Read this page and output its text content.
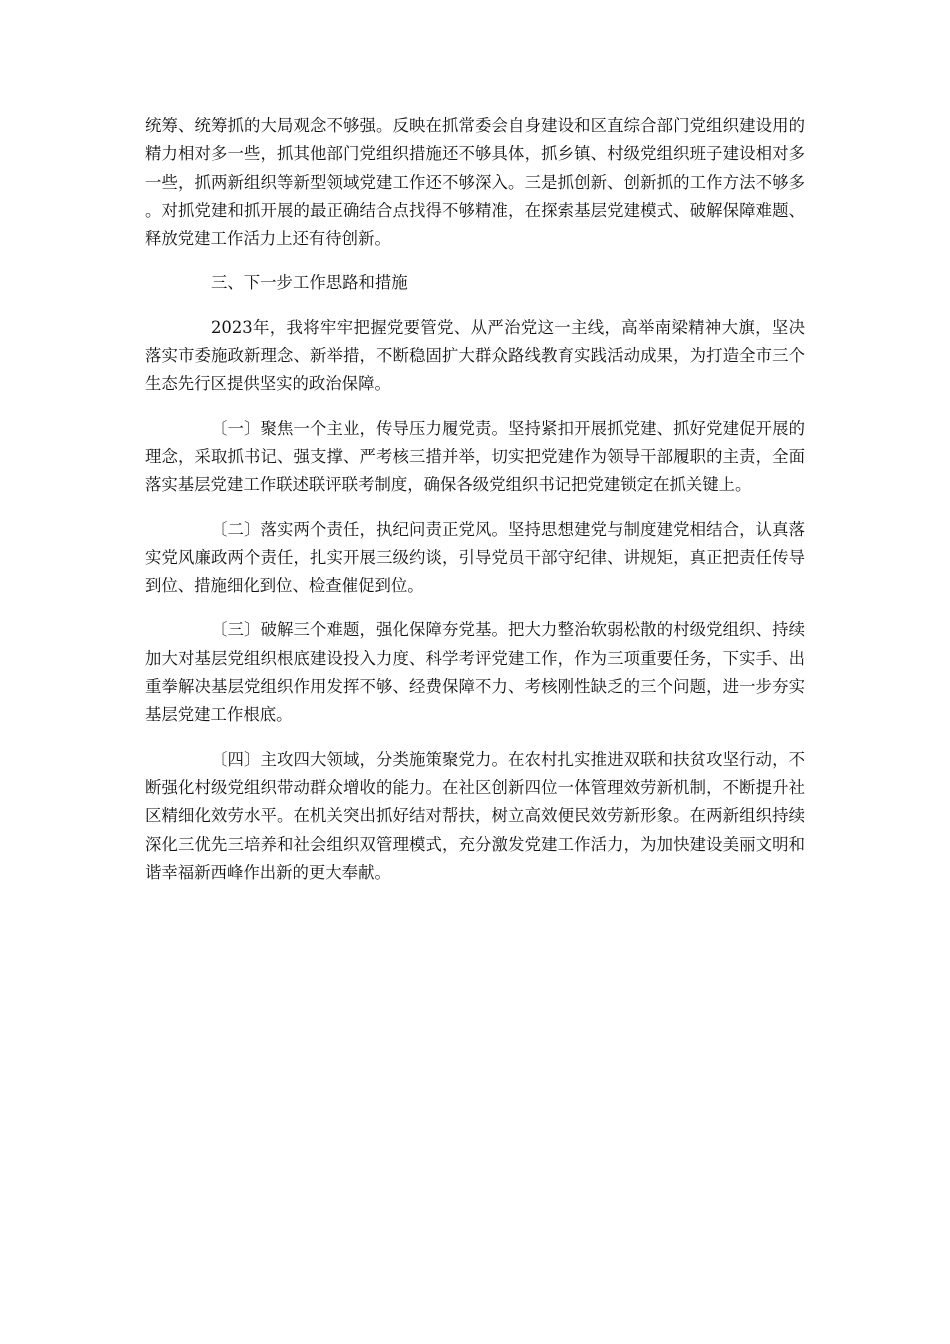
统筹、统筹抓的大局观念不够强。反映在抓常委会自身建设和区直综合部门党组织建设用的精力相对多一些，抓其他部门党组织措施还不够具体，抓乡镇、村级党组织班子建设相对多一些，抓两新组织等新型领域党建工作还不够深入。三是抓创新、创新抓的工作方法不够多。对抓党建和抓开展的最正确结合点找得不够精准，在探索基层党建模式、破解保障难题、释放党建工作活力上还有待创新。

三、下一步工作思路和措施

2023年，我将牢牢把握党要管党、从严治党这一主线，高举南梁精神大旗，坚决落实市委施政新理念、新举措，不断稳固扩大群众路线教育实践活动成果，为打造全市三个生态先行区提供坚实的政治保障。

〔一〕聚焦一个主业，传导压力履党责。坚持紧扣开展抓党建、抓好党建促开展的理念，采取抓书记、强支撑、严考核三措并举，切实把党建作为领导干部履职的主责，全面落实基层党建工作联述联评联考制度，确保各级党组织书记把党建锁定在抓关键上。

〔二〕落实两个责任，执纪问责正党风。坚持思想建党与制度建党相结合，认真落实党风廉政两个责任，扎实开展三级约谈，引导党员干部守纪律、讲规矩，真正把责任传导到位、措施细化到位、检查催促到位。

〔三〕破解三个难题，强化保障夯党基。把大力整治软弱松散的村级党组织、持续加大对基层党组织根底建设投入力度、科学考评党建工作，作为三项重要任务，下实手、出重拳解决基层党组织作用发挥不够、经费保障不力、考核刚性缺乏的三个问题，进一步夯实基层党建工作根底。

〔四〕主攻四大领域，分类施策聚党力。在农村扎实推进双联和扶贫攻坚行动，不断强化村级党组织带动群众增收的能力。在社区创新四位一体管理效劳新机制，不断提升社区精细化效劳水平。在机关突出抓好结对帮扶，树立高效便民效劳新形象。在两新组织持续深化三优先三培养和社会组织双管理模式，充分激发党建工作活力，为加快建设美丽文明和谐幸福新西峰作出新的更大奉献。
